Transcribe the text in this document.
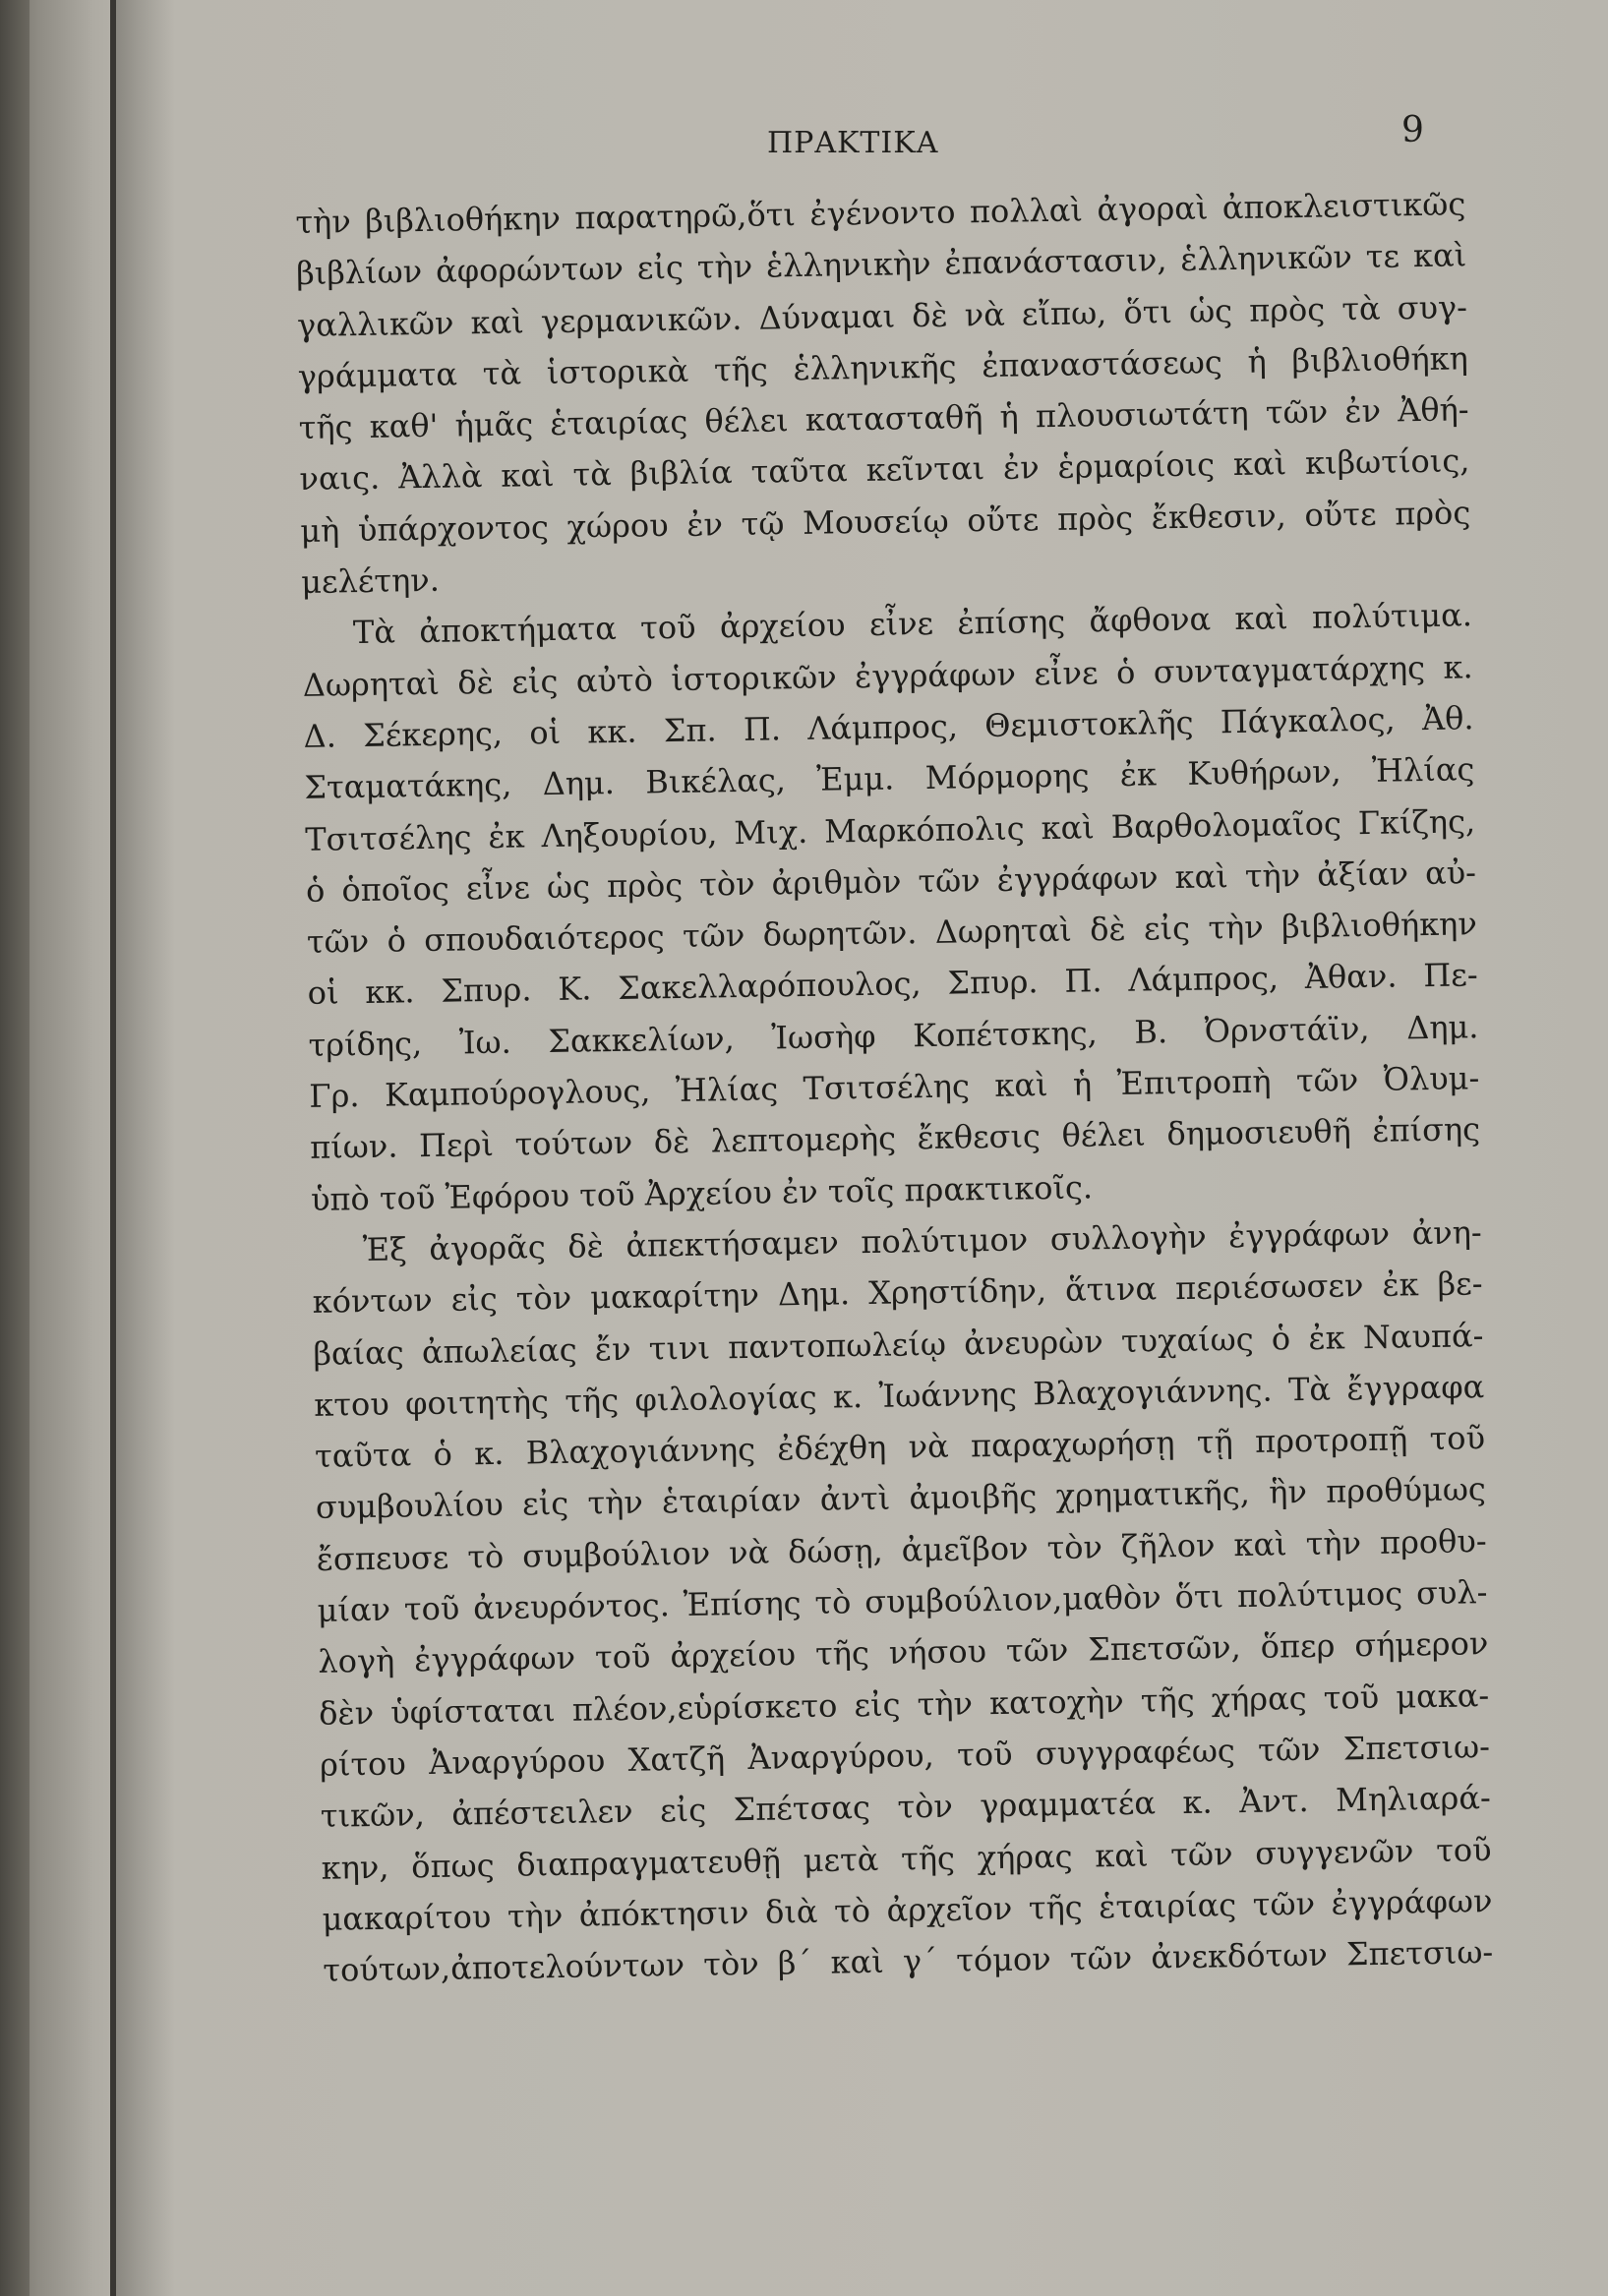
ΠΡΑΚΤΙΚΑ	9
τὴν βιβλιοθήκην παρατηρῶ,ὅτι ἐγένοντο πολλαὶ ἀγοραὶ ἀποκλειστικῶς
βιβλίων ἀφορώντων εἰς τὴν ἑλληνικὴν ἐπανάστασιν, ἑλληνικῶν τε καὶ
γαλλικῶν καὶ γερμανικῶν. Δύναμαι δὲ νὰ εἴπω, ὅτι ὡς πρὸς τὰ συγ-
γράμματα τὰ ἱστορικὰ τῆς ἑλληνικῆς ἐπαναστάσεως ἡ βιβλιοθήκη
τῆς καθ' ἡμᾶς ἑταιρίας θέλει κατασταθῆ ἡ πλουσιωτάτη τῶν ἐν Ἀθή-
ναις. Ἀλλὰ καὶ τὰ βιβλία ταῦτα κεῖνται ἐν ἑρμαρίοις καὶ κιβωτίοις,
μὴ ὑπάρχοντος χώρου ἐν τῷ Μουσείῳ οὔτε πρὸς ἔκθεσιν, οὔτε πρὸς
μελέτην.
Τὰ ἀποκτήματα τοῦ ἀρχείου εἶνε ἐπίσης ἄφθονα καὶ πολύτιμα.
Δωρηταὶ δὲ εἰς αὐτὸ ἱστορικῶν ἐγγράφων εἶνε ὁ συνταγματάρχης κ.
Δ. Σέκερης, οἱ κκ. Σπ. Π. Λάμπρος, Θεμιστοκλῆς Πάγκαλος, Ἀθ.
Σταματάκης, Δημ. Βικέλας, Ἐμμ. Μόρμορης ἐκ Κυθήρων, Ἠλίας
Τσιτσέλης ἐκ Ληξουρίου, Μιχ. Μαρκόπολις καὶ Βαρθολομαῖος Γκίζης,
ὁ ὁποῖος εἶνε ὡς πρὸς τὸν ἀριθμὸν τῶν ἐγγράφων καὶ τὴν ἀξίαν αὐ-
τῶν ὁ σπουδαιότερος τῶν δωρητῶν. Δωρηταὶ δὲ εἰς τὴν βιβλιοθήκην
οἱ κκ. Σπυρ. Κ. Σακελλαρόπουλος, Σπυρ. Π. Λάμπρος, Ἀθαν. Πε-
τρίδης, Ἰω. Σακκελίων, Ἰωσὴφ Κοπέτσκης, Β. Ὀρνστάϊν, Δημ.
Γρ. Καμπούρογλους, Ἠλίας Τσιτσέλης καὶ ἡ Ἐπιτροπὴ τῶν Ὀλυμ-
πίων. Περὶ τούτων δὲ λεπτομερὴς ἔκθεσις θέλει δημοσιευθῆ ἐπίσης
ὑπὸ τοῦ Ἐφόρου τοῦ Ἀρχείου ἐν τοῖς πρακτικοῖς.
Ἐξ ἀγορᾶς δὲ ἀπεκτήσαμεν πολύτιμον συλλογὴν ἐγγράφων ἀνη-
κόντων εἰς τὸν μακαρίτην Δημ. Χρηστίδην, ἅτινα περιέσωσεν ἐκ βε-
βαίας ἀπωλείας ἔν τινι παντοπωλείῳ ἀνευρὼν τυχαίως ὁ ἐκ Ναυπά-
κτου φοιτητὴς τῆς φιλολογίας κ. Ἰωάννης Βλαχογιάννης. Τὰ ἔγγραφα
ταῦτα ὁ κ. Βλαχογιάννης ἐδέχθη νὰ παραχωρήσῃ τῇ προτροπῇ τοῦ
συμβουλίου εἰς τὴν ἑταιρίαν ἀντὶ ἀμοιβῆς χρηματικῆς, ἣν προθύμως
ἔσπευσε τὸ συμβούλιον νὰ δώσῃ, ἀμεῖβον τὸν ζῆλον καὶ τὴν προθυ-
μίαν τοῦ ἀνευρόντος. Ἐπίσης τὸ συμβούλιον,μαθὸν ὅτι πολύτιμος συλ-
λογὴ ἐγγράφων τοῦ ἀρχείου τῆς νήσου τῶν Σπετσῶν, ὅπερ σήμερον
δὲν ὑφίσταται πλέον,εὑρίσκετο εἰς τὴν κατοχὴν τῆς χήρας τοῦ μακα-
ρίτου Ἀναργύρου Χατζῆ Ἀναργύρου, τοῦ συγγραφέως τῶν Σπετσιω-
τικῶν, ἀπέστειλεν εἰς Σπέτσας τὸν γραμματέα κ. Ἀντ. Μηλιαρά-
κην, ὅπως διαπραγματευθῇ μετὰ τῆς χήρας καὶ τῶν συγγενῶν τοῦ
μακαρίτου τὴν ἀπόκτησιν διὰ τὸ ἀρχεῖον τῆς ἑταιρίας τῶν ἐγγράφων
τούτων,ἀποτελούντων τὸν β΄ καὶ γ΄ τόμον τῶν ἀνεκδότων Σπετσιω-
